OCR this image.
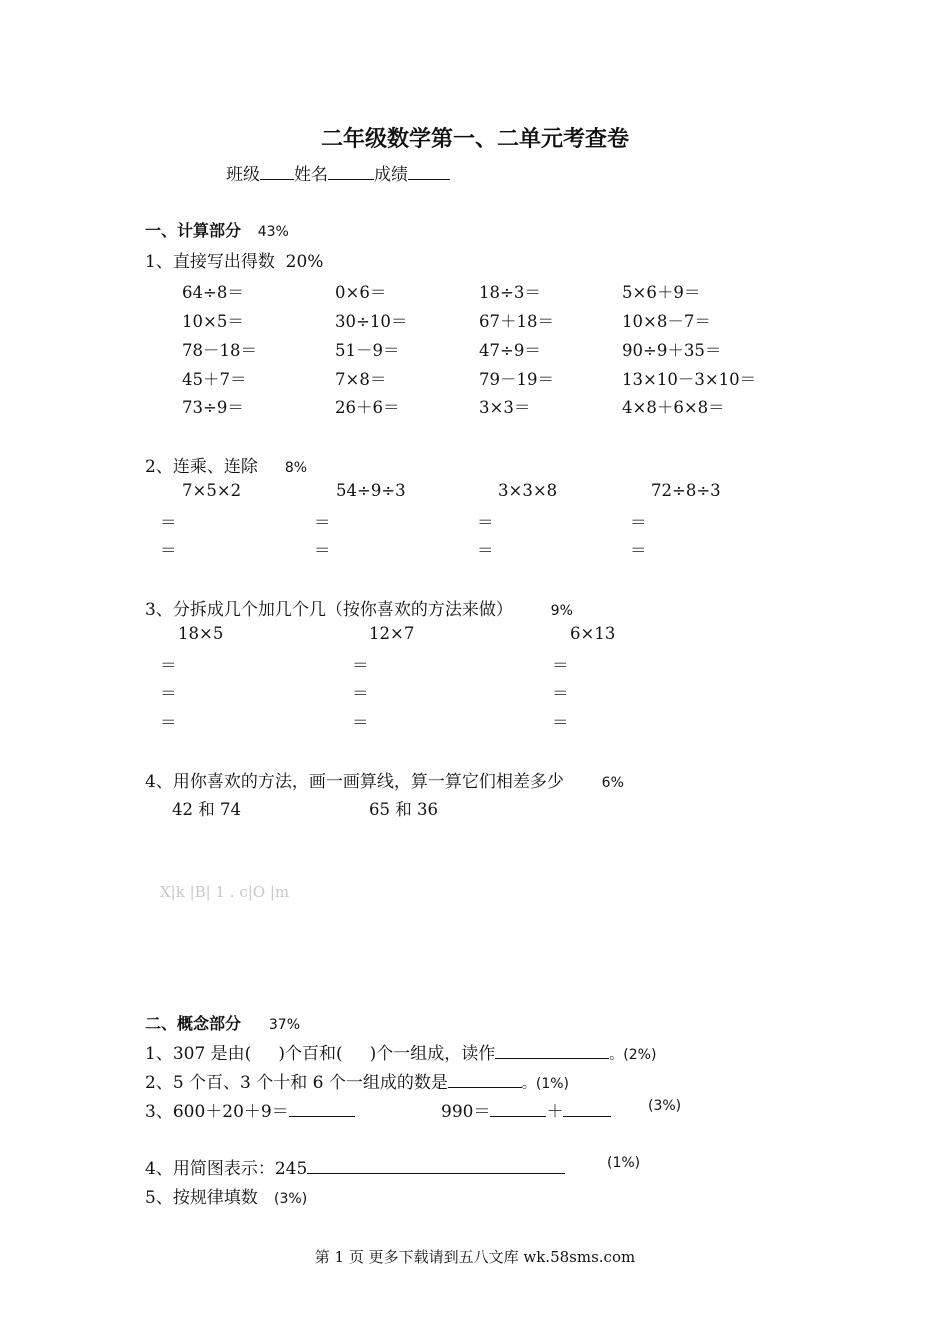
二年级数学第一、二单元考查卷
班级 姓名	成绩
一、计算部分 43%
1、直接写出得数 20%
64÷8＝	0×6＝	18÷3＝	5×6＋9＝
10×5＝	30÷10＝	67＋18＝	10×8－7＝
78－18＝	51－9＝	47÷9＝	90÷9＋35＝
45＋7＝	7×8＝	79－19＝	13×10－3×10＝
73÷9＝	26＋6＝	3×3＝	4×8＋6×8＝
2、连乘、连除 8%
7×5×2	54÷9÷3	3×3×8	72÷8÷3
＝	＝	＝	＝
＝	＝	＝	＝
3、分拆成几个加几个几（按你喜欢的方法来做）	9%
18×5	12×7	6×13
＝	＝	＝
＝	＝	＝
＝	＝	＝
4、用你喜欢的方法，画一画算线，算一算它们相差多少	6%
42 和 74	65 和 36
X|k |B| 1 . c|O |m
二、概念部分 37%
1、307 是由( )个百和( )个一组成，读作	。(2%)
2、5 个百、3 个十和 6 个一组成的数是	。(1%)
3、600＋20＋9＝	990＝	＋	(3%)
4、用简图表示：245	(1%)
5、按规律填数 (3%)
第 1 页 更多下载请到五八文库 wk.58sms.com
